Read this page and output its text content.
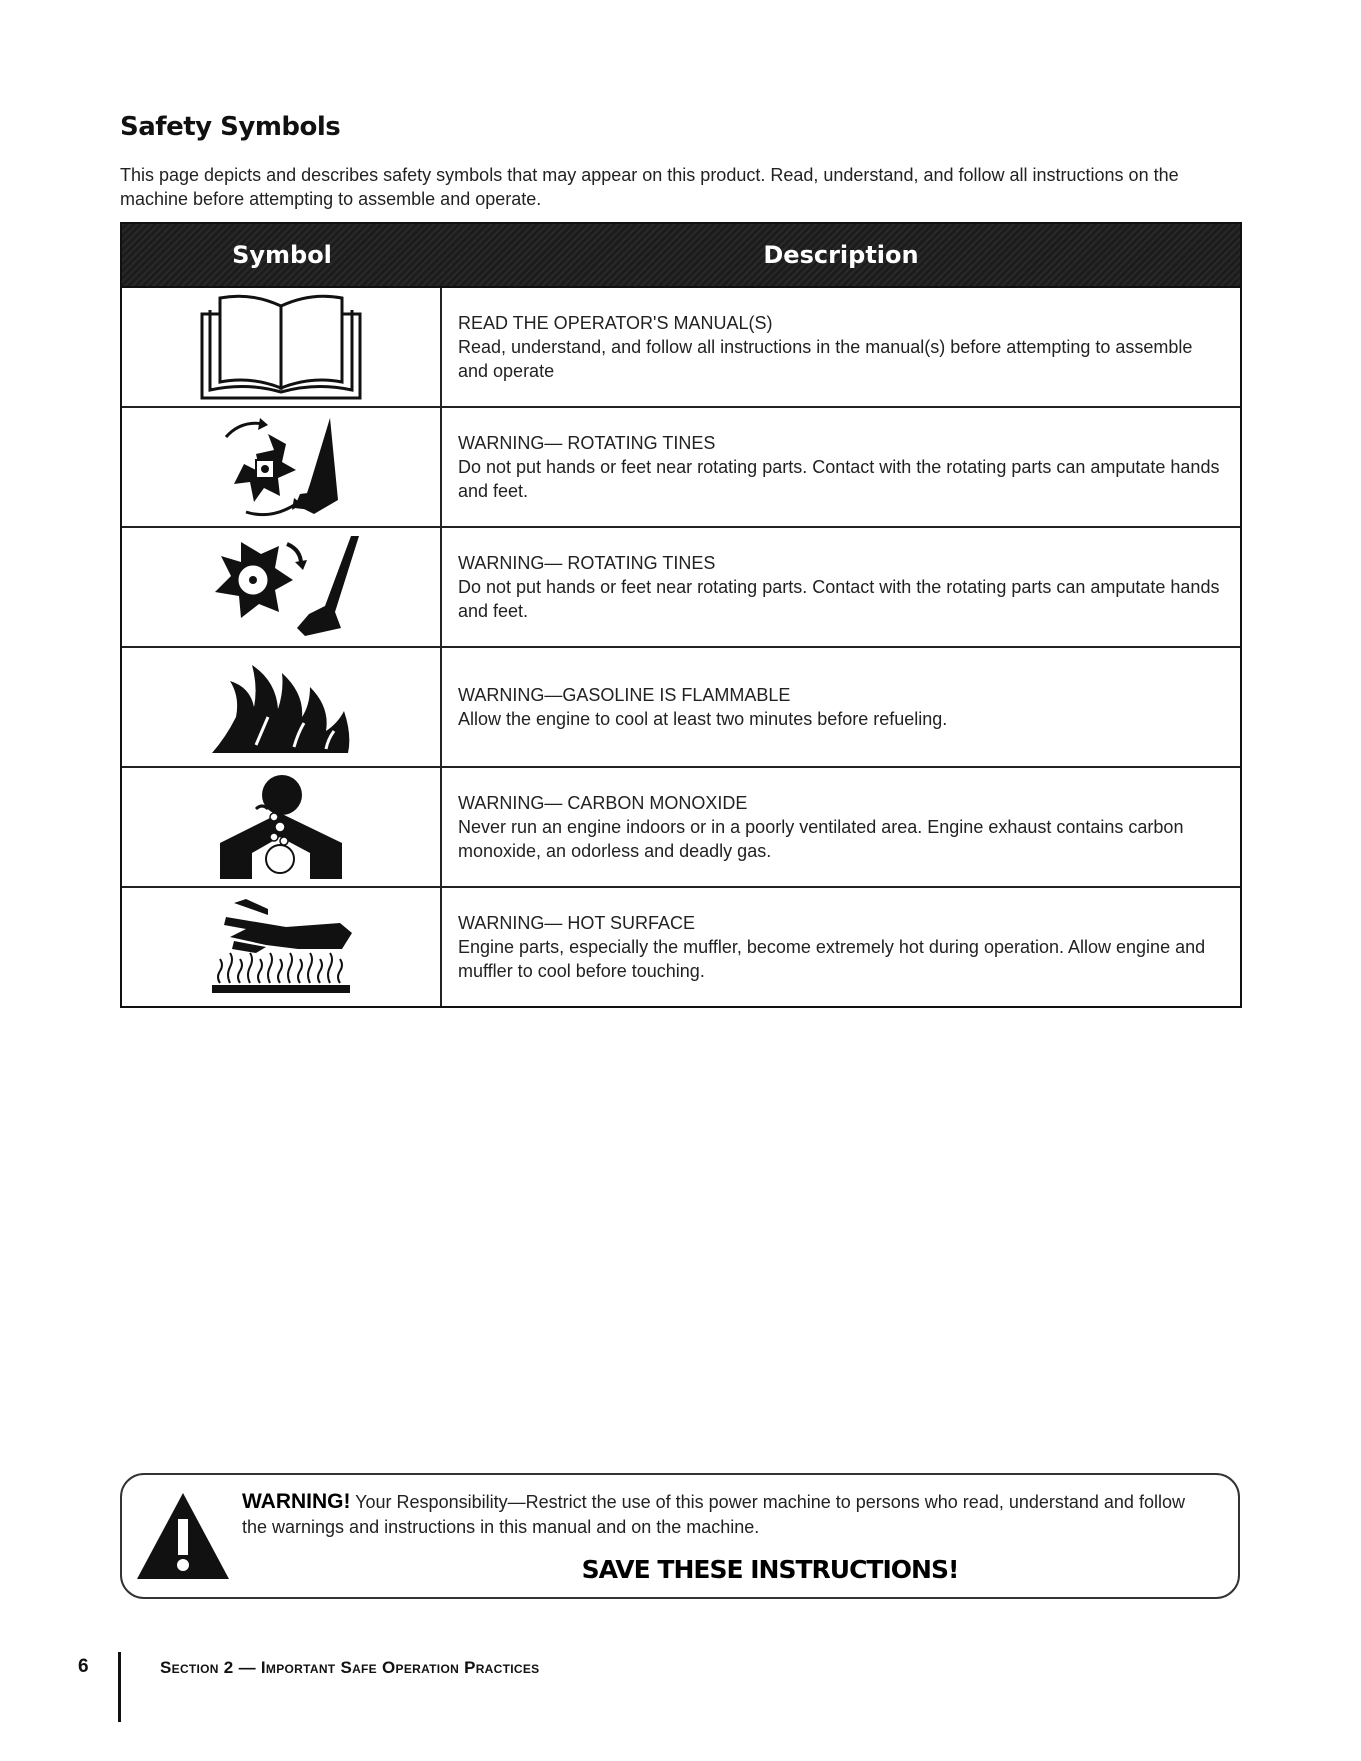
Safety Symbols
This page depicts and describes safety symbols that may appear on this product. Read, understand, and follow all instructions on the machine before attempting to assemble and operate.
Symbol	Description
READ THE OPERATOR'S MANUAL(S)
Read, understand, and follow all instructions in the manual(s) before attempting to assemble and operate
WARNING— ROTATING TINES
Do not put hands or feet near rotating parts. Contact with the rotating parts can amputate hands and feet.
WARNING— ROTATING TINES
Do not put hands or feet near rotating parts. Contact with the rotating parts can amputate hands and feet.
WARNING—GASOLINE IS FLAMMABLE
Allow the engine to cool at least two minutes before refueling.
WARNING— CARBON MONOXIDE
Never run an engine indoors or in a poorly ventilated area. Engine exhaust contains carbon monoxide, an odorless and deadly gas.
WARNING— HOT SURFACE
Engine parts, especially the muffler, become extremely hot during operation. Allow engine and muffler to cool before touching.
WARNING! Your Responsibility—Restrict the use of this power machine to persons who read, understand and follow the warnings and instructions in this manual and on the machine.
SAVE THESE INSTRUCTIONS!
6	Section 2 — Important Safe Operation Practices
